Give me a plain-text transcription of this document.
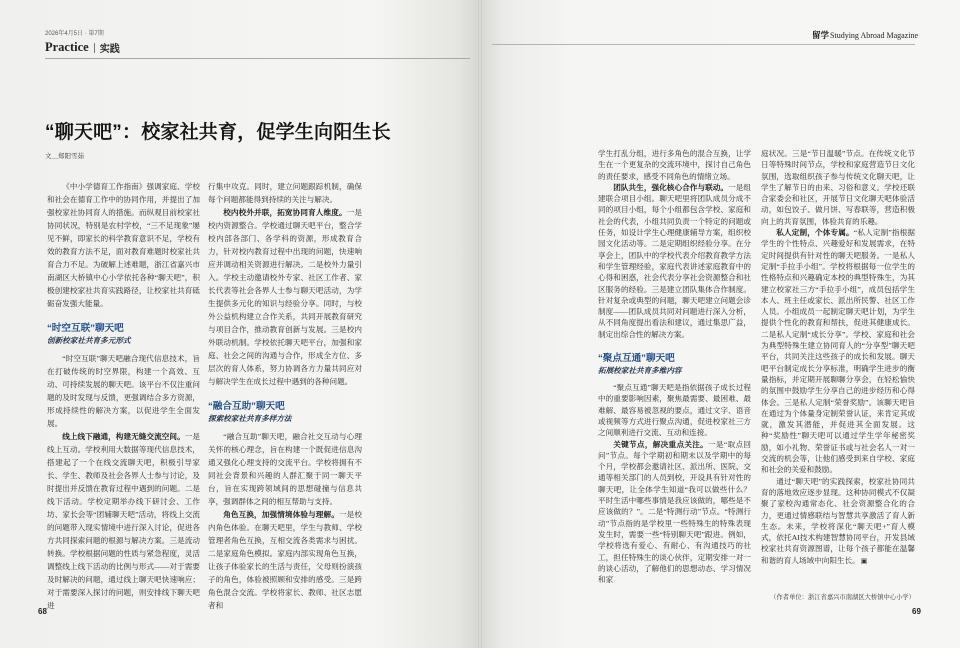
2026年4月5日 · 第7期
Practice 实践
留学 Studying Abroad Magazine
“聊天吧”：校家社共育，促学生向阳生长
文＿郑阳雪茹

《中小学德育工作指南》强调家庭、学校和社会在德育工作中的协同作用，并提出了加强校家社协同育人的措施。而纵观目前校家社协同状况，特别是农村学校，“三不足现象”屡见不鲜，即家长的科学教育意识不足，学校有效的教育方法不足，面对教育难题时校家社共育合力不足。为破解上述难题，浙江省嘉兴市南湖区大桥镇中心小学依托各种“聊天吧”，积极创建校家社共育实践路径，让校家社共育砥砺奋发强大能量。

“时空互联”聊天吧
创新校家社共育多元形式

“时空互联”聊天吧融合现代信息技术，旨在打破传统的时空界限，构建一个高效、互动、可持续发展的聊天吧。该平台不仅注重问题的及时发现与反馈，更强调结合多方资源，形成持续性的解决方案，以促进学生全面发展。

线上线下融通，构建无缝交流空间。一是线上互动。学校利用大数据等现代信息技术，搭建起了一个在线交流聊天吧，积极引导家长、学生、教师及社会各界人士参与讨论，及时提出并反馈在教育过程中遇到的问题。二是线下活动。学校定期举办线下研讨会、工作坊、家长会等“团辅聊天吧”活动，将线上交流的问题带入现实情境中进行深入讨论，促进各方共同探索问题的根源与解决方案。三是流动转换。学校根据问题的性质与紧急程度，灵活调整线上线下活动的比例与形式——对于需要及时解决的问题，通过线上聊天吧快速响应；对于需要深入探讨的问题，则安排线下聊天吧进

行集中攻克。同时，建立问题跟踪机制，确保每个问题都能得到持续的关注与解决。

校内校外并联，拓宽协同育人维度。一是校内资源整合。学校通过聊天吧平台，整合学校内部各部门、各学科的资源，形成教育合力，针对校内教育过程中出现的问题，快速响应并调动相关资源进行解决。二是校外力量引入。学校主动邀请校外专家、社区工作者、家长代表等社会各界人士参与聊天吧活动，为学生提供多元化的知识与经验分享。同时，与校外公益机构建立合作关系，共同开展教育研究与项目合作，推动教育创新与发展。三是校内外联动机制。学校依托聊天吧平台，加强和家庭、社会之间的沟通与合作，形成全方位、多层次的育人体系，努力协调各方力量共同应对与解决学生在成长过程中遇到的各种问题。

“融合互助”聊天吧
探索校家社共育多样方法

“融合互助”聊天吧，融合社交互动与心理关怀的核心理念，旨在构建一个既促进信息沟通又强化心理支持的交流平台。学校将拥有不同社会背景和兴趣的人群汇聚于同一聊天平台，旨在实现跨领域间的思想碰撞与信息共享，强调群体之间的相互帮助与支持。

角色互换，加强情境体验与理解。一是校内角色体验。在聊天吧里，学生与教师、学校管理者角色互换，互相交流各类需求与困扰。二是家庭角色模拟。家庭内部实现角色互换，让孩子体验家长的生活与责任，父母则扮演孩子的角色，体验被照顾和安排的感受。三是跨角色混合交流。学校将家长、教师、社区志愿者和

学生打乱分组，进行多角色的混合互换，让学生在一个更复杂的交流环境中，探讨自己角色的责任要求，感受不同角色的情绪立场。

团队共生，强化核心合作与联动。一是组建联合项目小组。聊天吧里将团队成员分成不同的项目小组，每个小组都包含学校、家庭和社会的代表，小组共同负责一个特定的问题或任务，如设计学生心理健康辅导方案，组织校园文化活动等。二是定期组织经验分享。在分享会上，团队中的学校代表介绍教育教学方法和学生管理经验，家庭代表讲述家庭教育中的心得和困惑，社会代表分享社会资源整合和社区服务的经验。三是建立团队集体合作制度。针对复杂或典型的问题，聊天吧建立问题会诊制度——团队成员共同对问题进行深入分析，从不同角度提出看法和建议，通过集思广益，制定出综合性的解决方案。

“聚点互通”聊天吧
拓展校家社共育多维内容

“聚点互通”聊天吧是指依据孩子成长过程中的重要影响因素，聚焦最需要、最困难、最难解、最容易被忽视的要点，通过文字、语音或视频等方式进行聚点沟通，促进校家社三方之间顺利进行交流、互动和连接。

关键节点，解决重点关注。一是“取点回问”节点。每个学期初和期末以及学期中的每个月，学校都会邀请社区、派出所、医院、交通等相关部门的人员到校，开设具有针对性的聊天吧，让全体学生知道“我可以做些什么？平时生活中哪些事情是我应该做的，哪些是不应该做的？”。二是“特测行动”节点。“特测行动”节点指的是学校里一些特殊生的特殊表现发生时，需要一些“特别聊天吧”跟进。例如，学校将选有爱心、有耐心、有沟通技巧的社工，担任特殊生的谈心伙伴，定期安排一对一的谈心活动，了解他们的思想动态、学习情况和家

庭状况。三是“节日温暖”节点。在传统文化节日等特殊时间节点，学校和家庭营造节日文化氛围，选取组织孩子参与传统文化聊天吧，让学生了解节日的由来、习俗和意义。学校还联合家委会和社区，开展节日文化聊天吧体验活动，如包饺子、做月饼、写春联等，营造积极向上的共育氛围，体验共育的乐趣。

私人定制，个体专属。“私人定制”指根据学生的个性特点、兴趣爱好和发展需求，在特定时间提供有针对性的聊天吧服务。一是私人定制“手拉手小组”。学校将根据每一位学生的性格特点和兴趣确定本校的典型特殊生，为其建立校家社三方“手拉手小组”，成员包括学生本人、班主任或家长、派出所民警、社区工作人员。小组成员一起制定聊天吧计划，为学生提供个性化的教育和帮扶，促进其健康成长。二是私人定制“成长分享”。学校、家庭和社会为典型特殊生建立协同育人的“分享型”聊天吧平台，共同关注这些孩子的成长和发展。聊天吧平台制定成长分享标准，明确学生进步的衡量指标，并定期开展聊聊分享会，在轻松愉快的氛围中鼓励学生分享自己的进步经历和心得体会。三是私人定制“荣誉奖励”。该聊天吧旨在通过为个体量身定制荣誉认证，来肯定其成就，激发其潜能，并促进其全面发展。这种“奖励性”聊天吧可以通过学生学年秘密奖励，如小礼物、荣誉证书或与社会名人一对一交流的机会等，让他们感受到来自学校、家庭和社会的关爱和鼓励。

通过“聊天吧”的实践探索，校家社协同共育的落地效应逐步显现。这种协同模式不仅凝聚了家校沟通常态化、社会资源整合化的合力，更通过情感联结与智慧共享激活了育人新生态。未来，学校将深化“聊天吧+”育人模式，依托AI技术构建智慧协同平台，开发县域校家社共育资源图谱，让每个孩子都能在温馨和谐的育人场域中向阳生长。▣

（作者单位：浙江省嘉兴市南湖区大桥镇中心小学）
68	69
